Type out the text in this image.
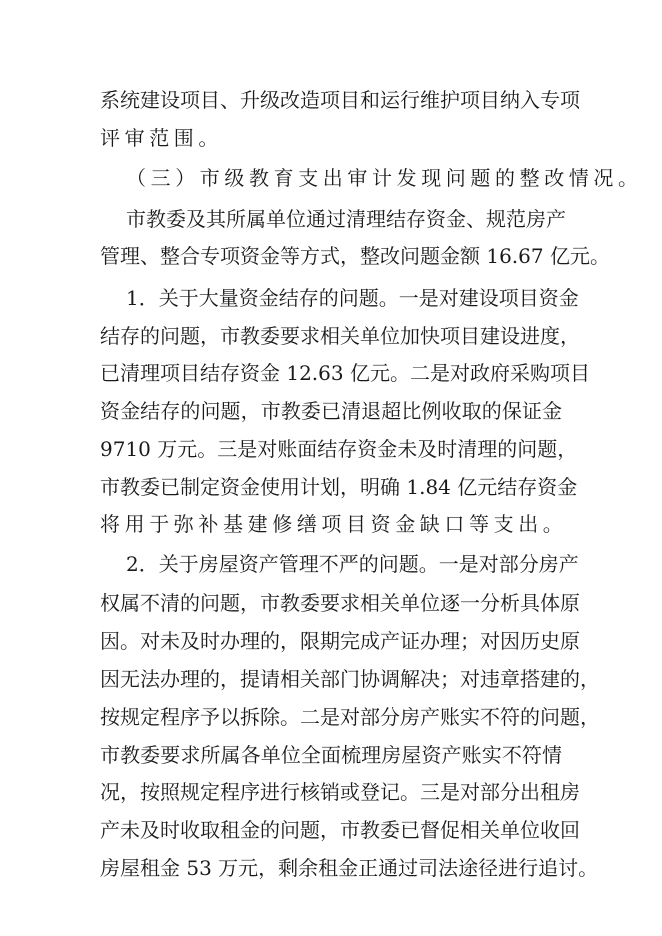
系统建设项目、升级改造项目和运行维护项目纳入专项
评审范围。
（三）市级教育支出审计发现问题的整改情况。
市教委及其所属单位通过清理结存资金、规范房产
管理、整合专项资金等方式，整改问题金额 16.67 亿元。
1．关于大量资金结存的问题。一是对建设项目资金
结存的问题，市教委要求相关单位加快项目建设进度，
已清理项目结存资金 12.63 亿元。二是对政府采购项目
资金结存的问题，市教委已清退超比例收取的保证金
9710 万元。三是对账面结存资金未及时清理的问题，
市教委已制定资金使用计划，明确 1.84 亿元结存资金
将用于弥补基建修缮项目资金缺口等支出。
2．关于房屋资产管理不严的问题。一是对部分房产
权属不清的问题，市教委要求相关单位逐一分析具体原
因。对未及时办理的，限期完成产证办理；对因历史原
因无法办理的，提请相关部门协调解决；对违章搭建的，
按规定程序予以拆除。二是对部分房产账实不符的问题，
市教委要求所属各单位全面梳理房屋资产账实不符情
况，按照规定程序进行核销或登记。三是对部分出租房
产未及时收取租金的问题，市教委已督促相关单位收回
房屋租金 53 万元，剩余租金正通过司法途径进行追讨。
